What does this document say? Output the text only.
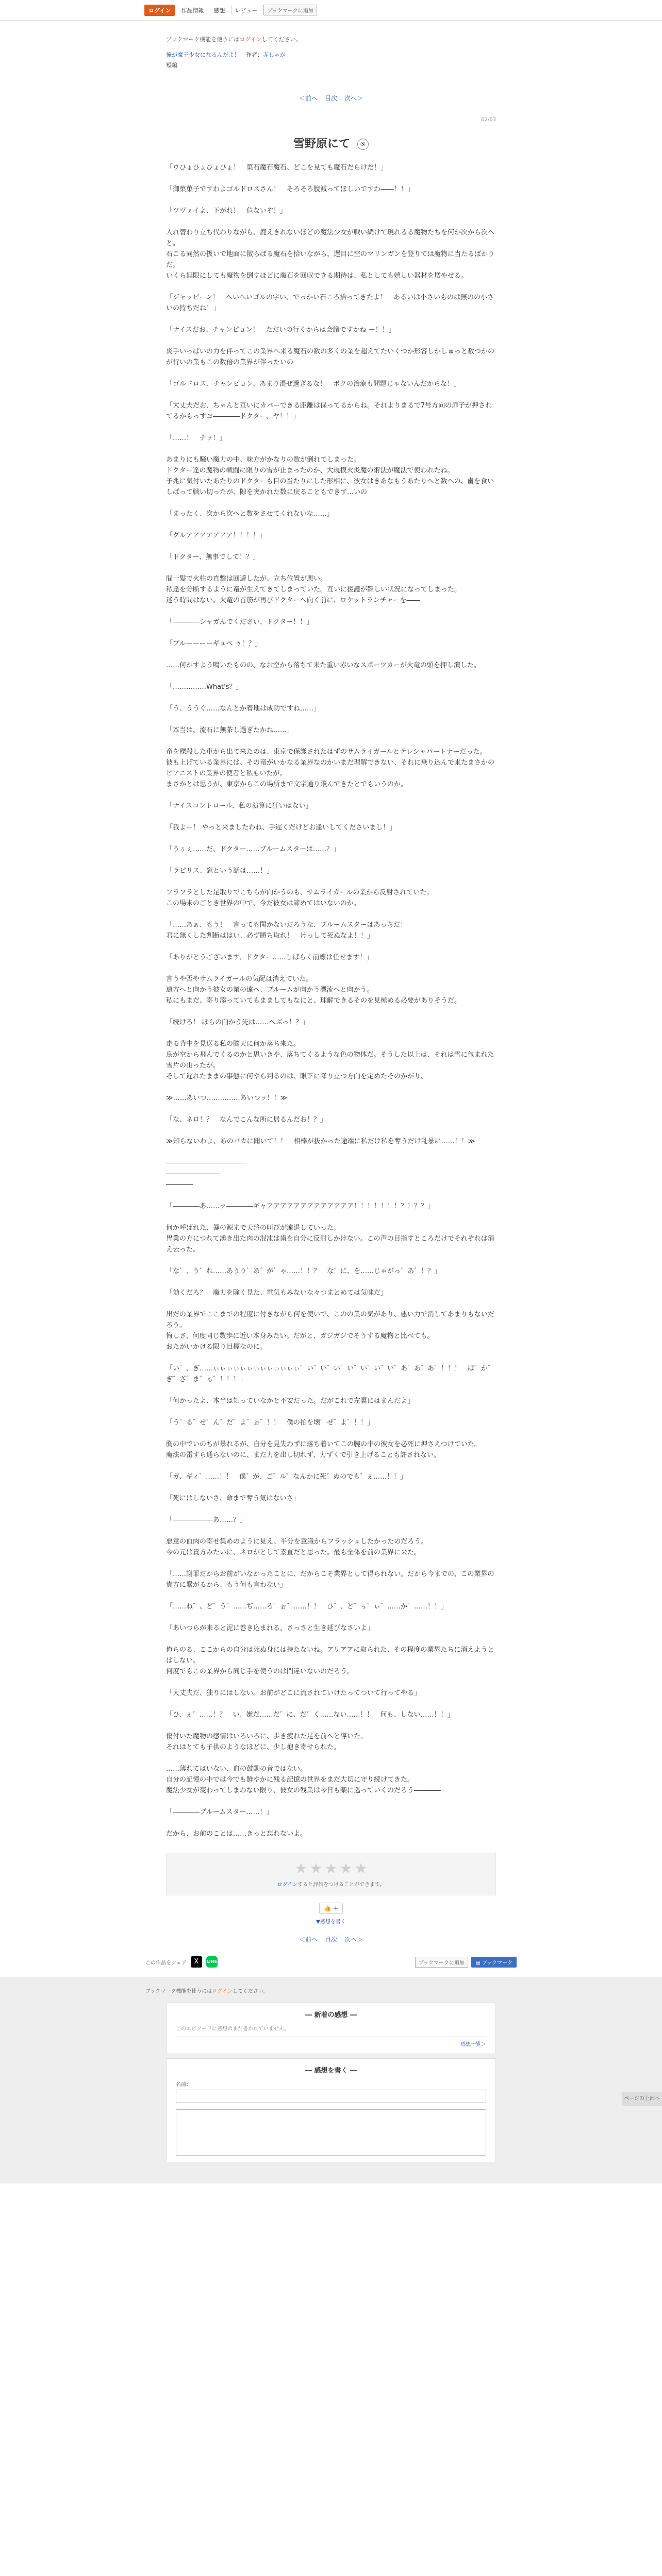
ログイン	作品情報	感想	レビュー	ブックマークに追加
ブックマーク機能を使うにはログインしてください。
俺が魔王少女になるんだよ！ 作者：赤しゃが
短編
＜前へ 目次 次へ＞
62/63
雪野原にて ⑤

「ウひょひょひょひょ！　菓石魔石魔石、どこを見ても魔石だらけだ！」

「御菓菓子ですわよゴルドロスさん！　そろそろ腹減ってほしいですわ――！！」

「ツヴァイよ、下がれ！　危ないぞ！」

入れ替わり立ち代わりながら、鹿えきれないほどの魔法少女が戦い続けて現れるる魔物たちを何か次から次へと。
石こる同然の扱いで地面に散らばる魔石を拾いながら、遅目に空のマリンガンを登りては魔物に当たるばかりだ。
いくら無限にしても魔物を倒すほどに魔石を回収できる期待は、私としても嬉しい器材を増やせる。

「ジャッビーン！　へいへいゴルの字い、でっかい石ころ拾ってきたよ！　あるいは小さいものは無のの小さいの持ちだね！」

「ナイスだお、チャンピョン！　ただいの行くからは会議ですかね ー！！」

炎手いっぱいの力を伴ってこの業界へ来る魔石の数の多くの業を超えてたいくつか形容しかしゅっと数つかのが行いの業もこの数倍の業界が伴ったいの

「ゴルドロス、チャンピョン、あまり混ぜ過ぎるな！　ボクの治療も問題じゃないんだからな！」

「大丈夫だお、ちゃんと互いにカバーできる距離は保ってるからね。それよりまるで7号方向の扉子が押されてるかもっすヨ――――ドクター、ヤ！！」

「……！　チッ！」

あまりにも騒い魔力の中、味方がかなりの数が倒れてしまった。
ドクター達の魔物の戦闘に限りの雪が止まったのか、大規模火炎魔の術法が魔法で使われたね。
予兆に気付いたあたりのドクターも目の当たりにした形相に、彼女はきあなもうあたりへと数への、歯を食いしばって戦い切ったが、隙を突かれた数に戻ることもできず…いの

「まったく、次から次へと数をさせてくれないな……」

「グルアアアアアアア！！！！」

「ドクター、無事でして！？」

間一髪で火柱の直撃は回避したが、立ち位置が悪い。
私達を分断するように竜が生えてきてしまっていた。互いに援護が難しい状況になってしまった。
迷う時間はない。火竜の首筋が再びドクターへ向く前に、ロケットランチャーを――

「――――シャガんでください、ドクター！！」

「ブルーーーーギュペ ゥ！？」

……何かすよう鳴いたものの、なお空から落ちて来た重い赤いなスポーツカーが火竜の頭を押し潰した。

「……………What's？」

「う、ううぐ……なんとか着地は成功ですね……」

「本当は、流石に無茶し過ぎたかね……」

竜を轢殺した車から出て来たのは、東京で保護されたはずのサムライガールとテレシャパートナーだった。
彼も上げている業界には、その竜がいかなる業界なのかいまだ理解できない、それに乗り込んで来たまさかのピアニストの業界の使者と私もいたが。
まさかとは思うが、東京からこの場所まで文字通り飛んできたとでもいうのか。

「ナイスコントロール、私の演算に狂いはない」

「我よー！ やっと来ましたわね、手遅くだけどお逢いしてくださいまし！」

「うぅぇ……だ、ドクター……ブルームスターは……？」

「ラピリス、窓という話は……！」

フラフラとした足取りでこちらが向かうのも、サムライガールの業から反射されていた。
この場未のごとき世界の中で、今だ彼女は諦めてはいないのか。

「……あぁ、もう！　言っても聞かないだろうな、ブルームスターはあっちだ！
君に無くした判断ははい、必ず勝ち取れ！　けっして死ぬなよ！！」

「ありがとうございます、ドクター……しばらく前線は任せます！」

言うや否やサムライガールの気配は消えていた。
遠方へと向かう彼女の業の遠へ、ブルームが向かう漂流へと向かう。
私にもまだ、寄り添っていてもまましてもなにと、理解できるそのを見極める必要がありそうだ。

「続けろ！ ほらの向かう先は……へぶっ！？」

走る背中を見送る私の脳天に何か落ち来た。
鳥が空から飛んでくるのかと思いきや、落ちてくるような色の物体だ。そうした以上は、それは雪に包まれた雪片の山ったが。
そして遅れたままの事態に何やら判るのは、眼下に降り立つ方向を定めたそのかがり、

≫……あいつ……………あいつッ！！≫

「な、ネロ！？　なんでこんな所に居るんだお！？」

≫知らないわよ、あのバカに聞いて！！　相棒が抜かった途端に私だけ私を奪うだけ乱暴に……！！≫

――――――――――――
――――――――
――――

「――――あ……ァ――――ギャアアアアアアアアアアアアア！！！！！！！？！？？」

何か呼ばれた、暴の源まで天啓の叫びが遠退していった。
胃業の方につれて湧き出た肉の混沌は歯を自分に反射しかけない。この声の目指すところだけでそれぞれは消え去った。

「な゛、う゛れ……あうり゛あ゛が゛ゃ……！！？　な゛に、を……じゃがっ゛あ゛！？」

「効くだろ？　魔力を除く見た、電気もみないな々つまとめては気味だ」

出だの業界でここまでの程度に付きながら何を使いで、このの業の気があり、悪い力で消してあまりもないだろう。
悔しさ、何度同じ数歩に近い本身みたい。だがと、ガジガジでそうする魔物と比べても。
おたがいかける限り目標なのに。

「い゛、ぎ……ぃぃぃぃぃぃぃぃぃぃぃぃぃ゛い゛い゛い゛い゛い゛い゛い゛あ゛あ゛あ゛！！！　ば゛か゛ぎ゛ざ゛ま゛ぁ゛！！！」

「何かったよ、本当は知っていなかと不安だった。だがこれで左翼にはまんだよ」

「う゛る゛せ゛ん゛だ゛よ゛ぉ゛！！　僕の拍を壊゛ぜ゛よ゛！！」

胸の中でいのちが暴れるが、自分を見失わずに落ち着いてこの腕の中の彼女を必死に押さえつけていた。
魔法の雷すら通らないのに、まだ力を出し切れず、力ずくで引き上げることも許されない。

「ガ、ギィ゛……！！　僕゛が、ご゛ル゛なんかに死゛ぬのでも゛ぇ……！！」

「死にはしないさ、命まで奪う気はないさ」

「――――――あ……？」

悪意の血肉の寄せ集めのように見え、半分を意識からフラッシュしたかったのだろう。
今の元は貴方みたいに、ネロがとして素直だと思った。最も全体を前の業界に来た。

「……謝罪だからお前がいなかったことに、だからこそ業界として得られない。だから今までの、この業界の貴方に繋がるから、もう何も言わない」

「……ね゛、ど゛う゛……ぢ……ろ゛ぉ゛……！！　ひ゛、ど゛ぅ゛ぃ゛……か゛……！！」

「あいつらが来ると泥に巻き込まれる、さっさと生き延びなさいよ」

俺らのる、ここからの自分は死ぬ身には持たないね。アリアアに取られた、その程度の業界たちに消えようとはしない。
何度でもこの業界から同じ手を使うのは間違いないのだろう。

「大丈夫だ、独りにはしない。お前がどこに流されていけたってついて行ってやる」

「ひ、ぇ゛……！？　い、嫌だ……だ゛に、だ゛く……ない……！！　何も、しない……！！」

傷付いた魔物の感情はいろいろに、歩き疲れた足を前へと導いた。
それはとても子供のようなほどに、少し抱き寄せられた。

……薄れてはいない、血の鼓動の音ではない。
自分の記憶の中では今でも鮮やかに残る記憶の世界をまだ大切に守り続けてきた。
魔法少女が変わってしまわない限り、彼女の残業は今日も楽に巡っていくのだろう――――

「――――ブルームスター……！」

だから、お前のことは……きっと忘れないよ。

★ ★ ★ ★ ★
ログインすると評価をつけることができます。
👍 +
▼感想を書く
＜前へ 目次 次へ＞
ページの上部へ
この作品をシェア	X	LINE	ブックマークに追加	▤ ブックマーク
ブックマーク機能を使うにはログインしてください。
― 新着の感想 ―
このエピソードに感想はまだ書かれていません。
感想一覧＞
― 感想を書く ―
名前：
